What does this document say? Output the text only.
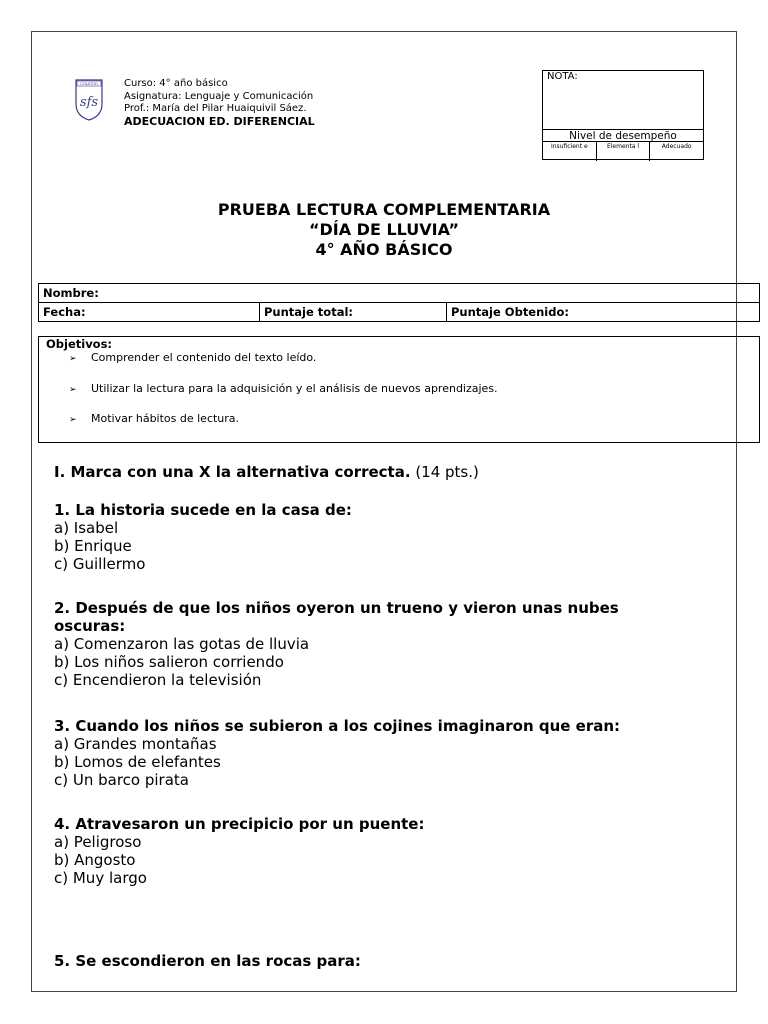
COLEGIO
sfs
Curso: 4° año básico
Asignatura: Lenguaje y Comunicación
Prof.: María del Pilar Huaiquivil Sáez.
ADECUACION ED. DIFERENCIAL
NOTA:
Nivel de desempeño
Insuficient e	Elementa l	Adecuado
PRUEBA LECTURA COMPLEMENTARIA
“DÍA DE LLUVIA”
4° AÑO BÁSICO
Nombre:
Fecha:	Puntaje total:	Puntaje Obtenido:
Objetivos:
➢ Comprender el contenido del texto leído.
➢ Utilizar la lectura para la adquisición y el análisis de nuevos aprendizajes.
➢ Motivar hábitos de lectura.
I. Marca con una X la alternativa correcta. (14 pts.)
1. La historia sucede en la casa de:
a) Isabel
b) Enrique
c) Guillermo
2. Después de que los niños oyeron un trueno y vieron unas nubes
oscuras:
a) Comenzaron las gotas de lluvia
b) Los niños salieron corriendo
c) Encendieron la televisión
3. Cuando los niños se subieron a los cojines imaginaron que eran:
a) Grandes montañas
b) Lomos de elefantes
c) Un barco pirata
4. Atravesaron un precipicio por un puente:
a) Peligroso
b) Angosto
c) Muy largo
5. Se escondieron en las rocas para:
